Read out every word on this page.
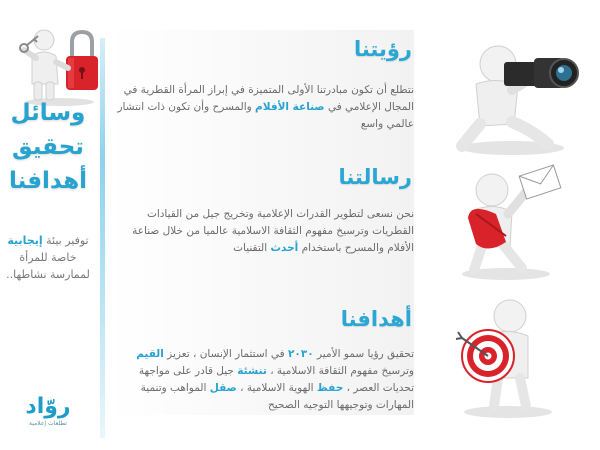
وسائل
تحقيق
أهدافنا
توفير بيئة إيجابية خاصة للمرأة لممارسة نشاطها..
روّاد
تطلعات إعلامية
رؤيتنا
نتطلع أن تكون مبادرتنا الأولى المتميزة في إبراز المرأة القطرية في المجال الإعلامي في صناعة الأفلام والمسرح وأن تكون ذات انتشار عالمي واسع
رسالتنا
نحن نسعى لتطوير القدرات الإعلامية وتخريج جيل من القيادات القطريات وترسيخ مفهوم الثقافة الاسلامية عالميا من خلال صناعة الأفلام والمسرح باستخدام أحدث التقنيات
أهدافنا
تحقيق رؤيا سمو الأمير ٢٠٣٠ في استثمار الإنسان ، تعزيز القيم وترسيخ مفهوم الثقافة الاسلامية ، تنشئة جيل قادر على مواجهة تحديات العصر ، حفظ الهوية الاسلامية ، صقل المواهب وتنمية المهارات وتوجيهها التوجيه الصحيح
